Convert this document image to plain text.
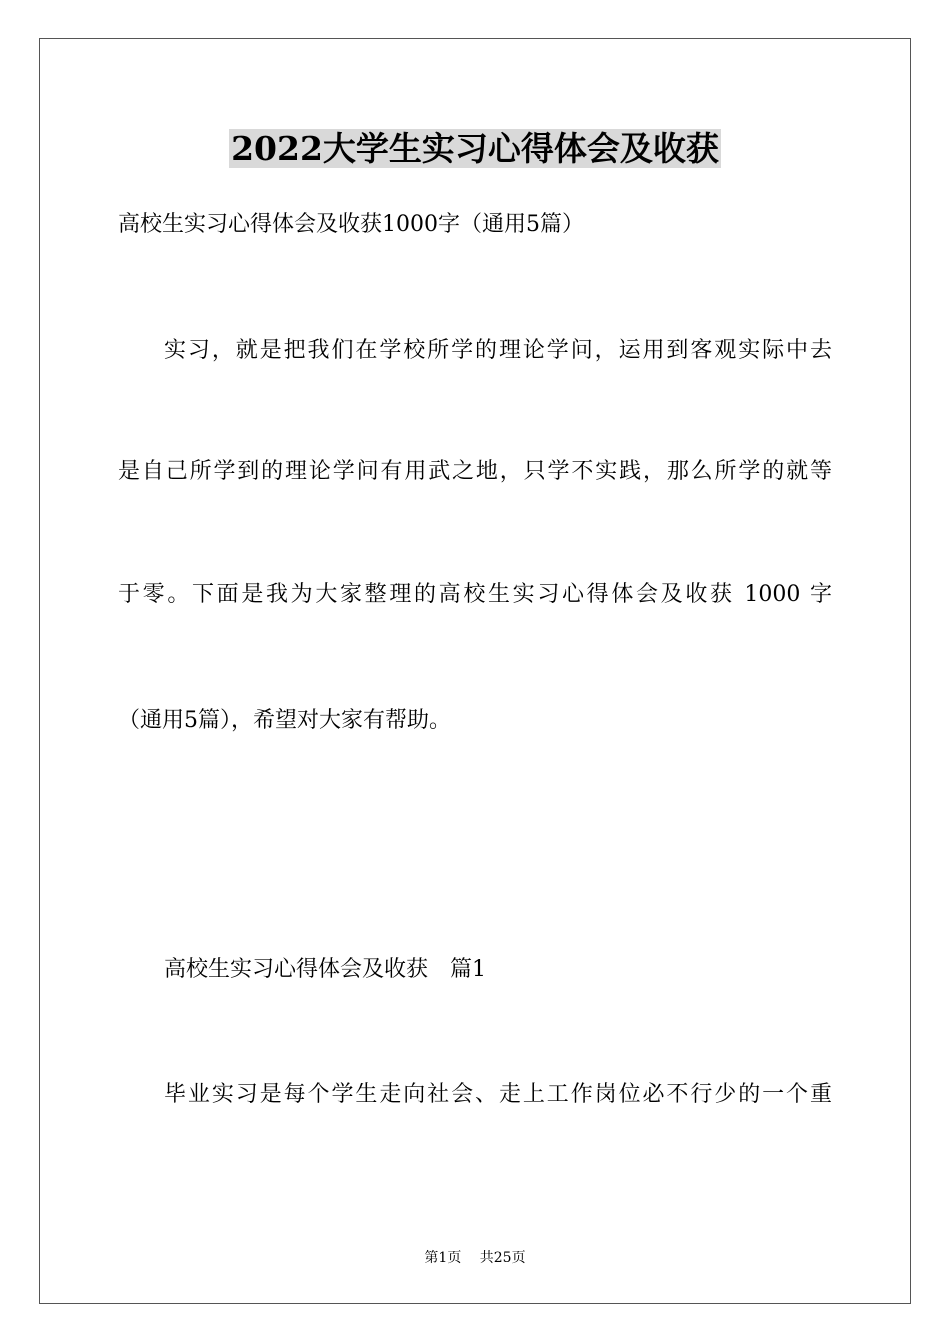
2022大学生实习心得体会及收获
高校生实习心得体会及收获1000字（通用5篇）
实习，就是把我们在学校所学的理论学问，运用到客观实际中去
是自己所学到的理论学问有用武之地，只学不实践，那么所学的就等
于零。下面是我为大家整理的高校生实习心得体会及收获 1000 字
（通用5篇），希望对大家有帮助。
高校生实习心得体会及收获　篇1
毕业实习是每个学生走向社会、走上工作岗位必不行少的一个重
第1页　 共25页
